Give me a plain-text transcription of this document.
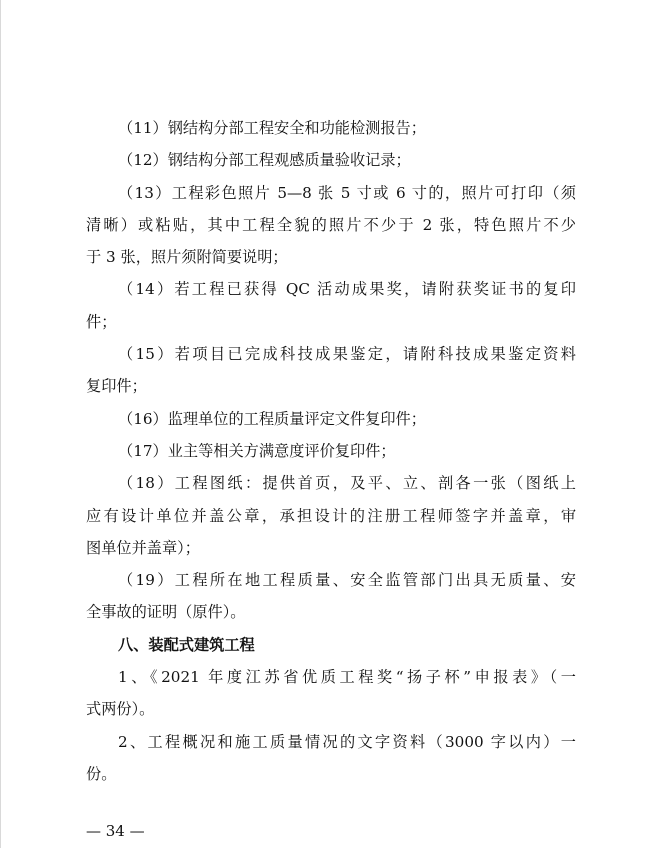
（11）钢结构分部工程安全和功能检测报告；
（12）钢结构分部工程观感质量验收记录；
（13）工程彩色照片 5—8 张 5 寸或 6 寸的，照片可打印（须
清晰）或粘贴，其中工程全貌的照片不少于 2 张，特色照片不少
于 3 张，照片须附简要说明；
（14）若工程已获得 QC 活动成果奖，请附获奖证书的复印
件；
（15）若项目已完成科技成果鉴定，请附科技成果鉴定资料
复印件；
（16）监理单位的工程质量评定文件复印件；
（17）业主等相关方满意度评价复印件；
（18）工程图纸：提供首页，及平、立、剖各一张（图纸上
应有设计单位并盖公章，承担设计的注册工程师签字并盖章，审
图单位并盖章）；
（19）工程所在地工程质量、安全监管部门出具无质量、安
全事故的证明（原件）。
八、装配式建筑工程
1、《2021 年度江苏省优质工程奖“扬子杯”申报表》（一
式两份）。
2、工程概况和施工质量情况的文字资料（3000 字以内）一
份。
— 34 —
